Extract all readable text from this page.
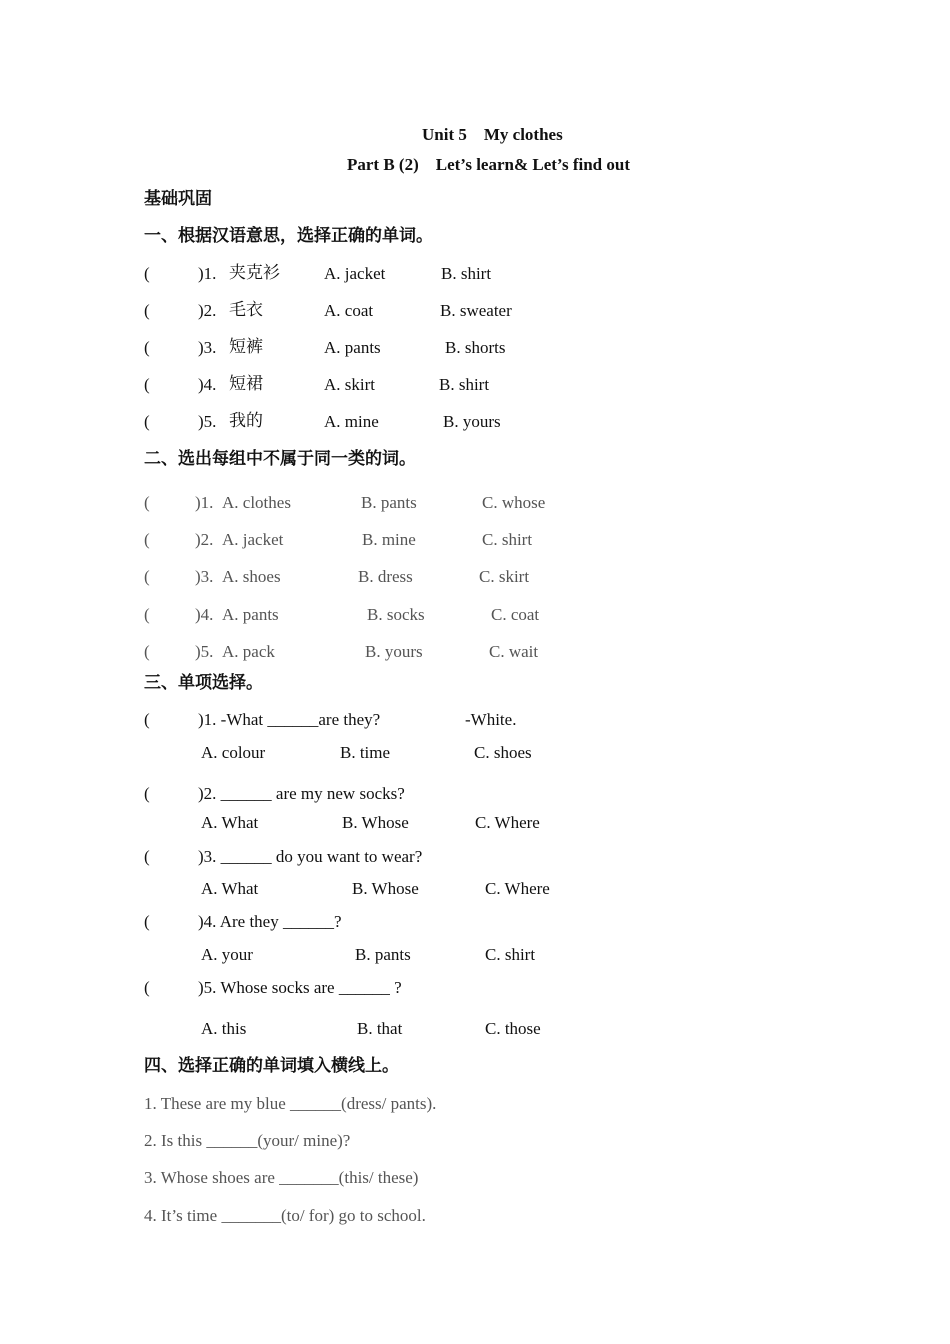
Unit 5    My clothes
Part B (2)    Let’s learn& Let’s find out
基础巩固
一、根据汉语意思，选择正确的单词。
(	)1. 夹克衫	A. jacket	B. shirt
(	)2. 毛衣	A. coat	B. sweater
(	)3. 短裤	A. pants	B. shorts
(	)4. 短裙	A. skirt	B. shirt
(	)5. 我的	A. mine	B. yours
二、选出每组中不属于同一类的词。
(	)1. A. clothes	B. pants	C. whose
(	)2. A. jacket	B. mine	C. shirt
(	)3. A. shoes	B. dress	C. skirt
(	)4. A. pants	B. socks	C. coat
(	)5. A. pack	B. yours	C. wait
三、单项选择。
(	)1. -What ______are they?	-White.
A. colour	B. time	C. shoes
(	)2. ______ are my new socks?
A. What	B. Whose	C. Where
(	)3. ______ do you want to wear?
A. What	B. Whose	C. Where
(	)4. Are they ______?
A. your	B. pants	C. shirt
(	)5. Whose socks are ______ ?
A. this	B. that	C. those
四、选择正确的单词填入横线上。
1. These are my blue ______(dress/ pants).
2. Is this ______(your/ mine)?
3. Whose shoes are _______(this/ these)
4. It’s time _______(to/ for) go to school.
